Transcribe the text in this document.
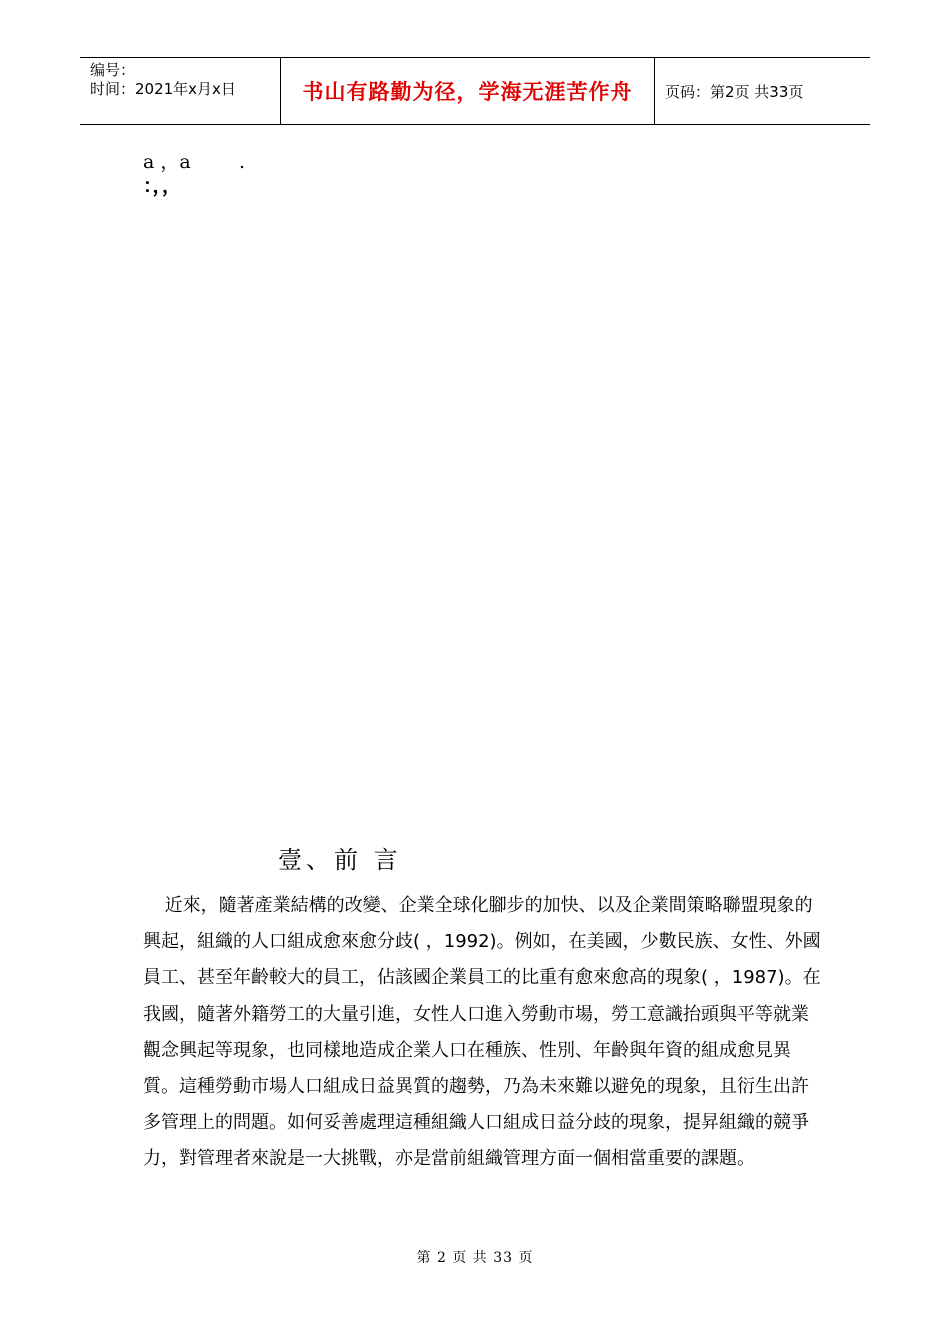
编号：
时间：2021年x月x日	书山有路勤为径，学海无涯苦作舟	页码：第2页 共33页
a ，a        .
：，，
壹、前 言

近來，隨著產業結構的改變、企業全球化腳步的加快、以及企業間策略聯盟現象的興起，組織的人口組成愈來愈分歧( ，1992)。例如，在美國，少數民族、女性、外國員工、甚至年齡較大的員工，佔該國企業員工的比重有愈來愈高的現象( ，1987)。在我國，隨著外籍勞工的大量引進，女性人口進入勞動市場，勞工意識抬頭與平等就業觀念興起等現象，也同樣地造成企業人口在種族、性別、年齡與年資的組成愈見異質。這種勞動市場人口組成日益異質的趨勢，乃為未來難以避免的現象，且衍生出許多管理上的問題。如何妥善處理這種組織人口組成日益分歧的現象，提昇組織的競爭力，對管理者來說是一大挑戰，亦是當前組織管理方面一個相當重要的課題。

第 2 页 共 33 页
